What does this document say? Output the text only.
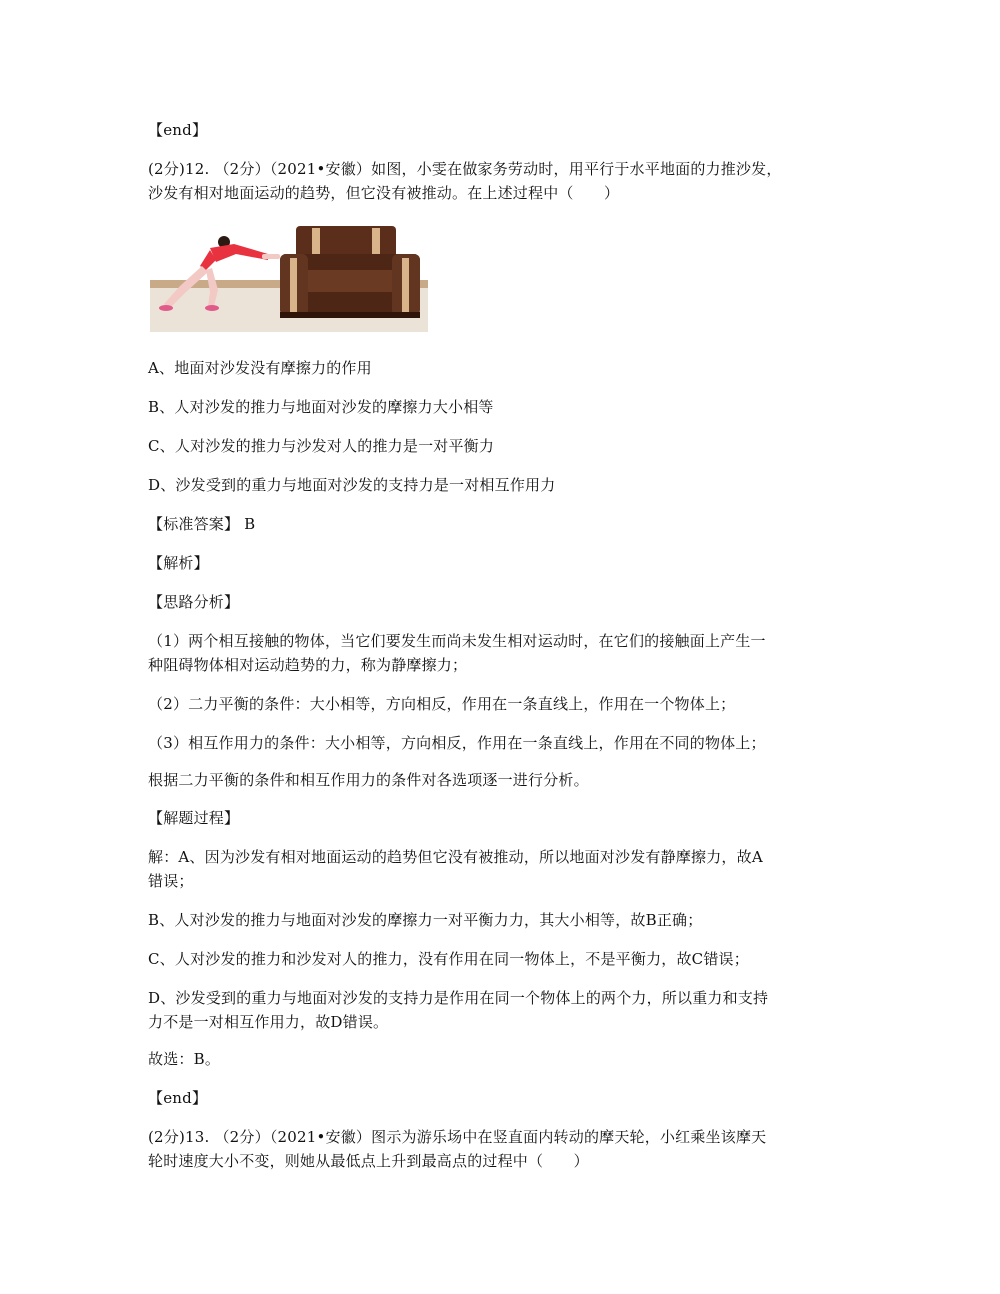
【end】
(2分)12. （2分）（2021•安徽）如图，小雯在做家务劳动时，用平行于水平地面的力推沙发，
沙发有相对地面运动的趋势，但它没有被推动。在上述过程中（　　）
A、地面对沙发没有摩擦力的作用
B、人对沙发的推力与地面对沙发的摩擦力大小相等
C、人对沙发的推力与沙发对人的推力是一对平衡力
D、沙发受到的重力与地面对沙发的支持力是一对相互作用力
【标准答案】 B
【解析】
【思路分析】
（1）两个相互接触的物体，当它们要发生而尚未发生相对运动时，在它们的接触面上产生一
种阻碍物体相对运动趋势的力，称为静摩擦力；
（2）二力平衡的条件：大小相等，方向相反，作用在一条直线上，作用在一个物体上；
（3）相互作用力的条件：大小相等，方向相反，作用在一条直线上，作用在不同的物体上；
根据二力平衡的条件和相互作用力的条件对各选项逐一进行分析。
【解题过程】
解：A、因为沙发有相对地面运动的趋势但它没有被推动，所以地面对沙发有静摩擦力，故A
错误；
B、人对沙发的推力与地面对沙发的摩擦力一对平衡力力，其大小相等，故B正确；
C、人对沙发的推力和沙发对人的推力，没有作用在同一物体上，不是平衡力，故C错误；
D、沙发受到的重力与地面对沙发的支持力是作用在同一个物体上的两个力，所以重力和支持
力不是一对相互作用力，故D错误。
故选：B。
【end】
(2分)13. （2分）（2021•安徽）图示为游乐场中在竖直面内转动的摩天轮，小红乘坐该摩天
轮时速度大小不变，则她从最低点上升到最高点的过程中（　　）
